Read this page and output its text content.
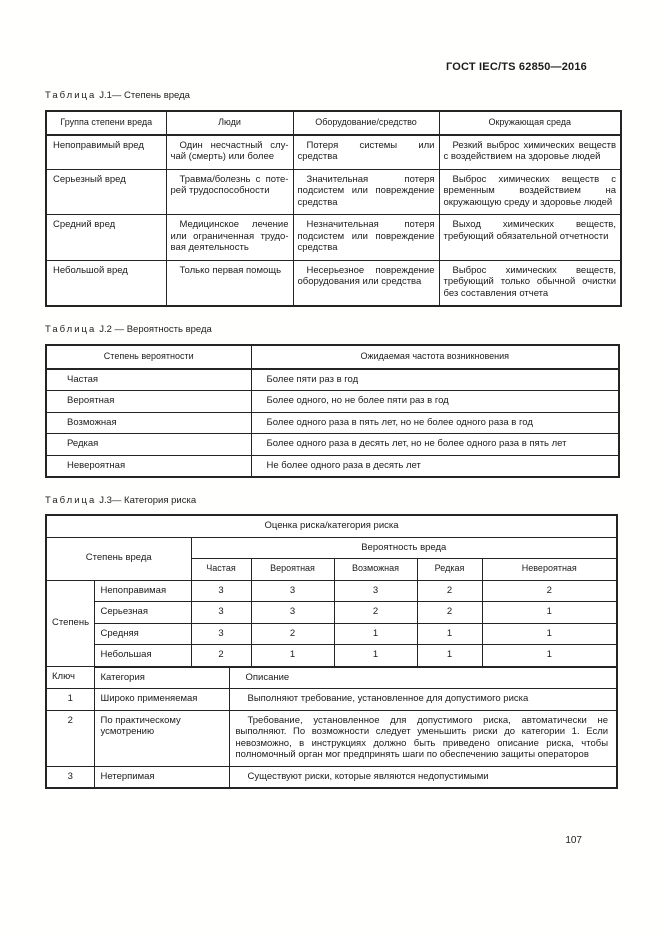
ГОСТ IEC/TS 62850—2016

Таблица J.1— Степень вреда

Группа степени вреда	Люди	Оборудование/средство	Окружающая среда
Непоправимый вред	Один несчастный случай (смерть) или более	Потеря системы или средства	Резкий выброс химических веществ с воздействием на здоровье людей
Серьезный вред	Травма/болезнь с потерей трудоспособности	Значительная потеря подсистем или повреждение средства	Выброс химических веществ с временным воздействием на окружающую среду и здоровье людей
Средний вред	Медицинское лечение или ограниченная трудовая деятельность	Незначительная потеря подсистем или повреждение средства	Выход химических веществ, требующий обязательной отчетности
Небольшой вред	Только первая помощь	Несерьезное повреждение оборудования или средства	Выброс химических веществ, требующий только обычной очистки без составления отчета

Таблица J.2 — Вероятность вреда

Степень вероятности	Ожидаемая частота возникновения
Частая	Более пяти раз в год
Вероятная	Более одного, но не более пяти раз в год
Возможная	Более одного раза в пять лет, но не более одного раза в год
Редкая	Более одного раза в десять лет, но не более одного раза в пять лет
Невероятная	Не более одного раза в десять лет

Таблица J.3— Категория риска

Оценка риска/категория риска							
Степень вреда		Вероятность вреда					
		Частая		Вероятная	Возможная	Редкая	Невероятная
Степень	Непоправимая	3		3	3	2	2
	Серьезная	3		3	2	2	1
	Средняя	3		2	1	1	1
	Небольшая	2		1	1	1	1
Ключ	Категория		Описание				
1	Широко применяемая		Выполняют требование, установленное для допустимого риска				
2	По практическому усмотрению		Требование, установленное для допустимого риска, автоматически не выполняют. По возможности следует уменьшить риски до категории 1. Если невозможно, в инструкциях должно быть приведено описание риска, чтобы полномочный орган мог предпринять шаги по обеспечению защиты операторов				
3	Нетерпимая		Существуют риски, которые являются недопустимыми				
107
